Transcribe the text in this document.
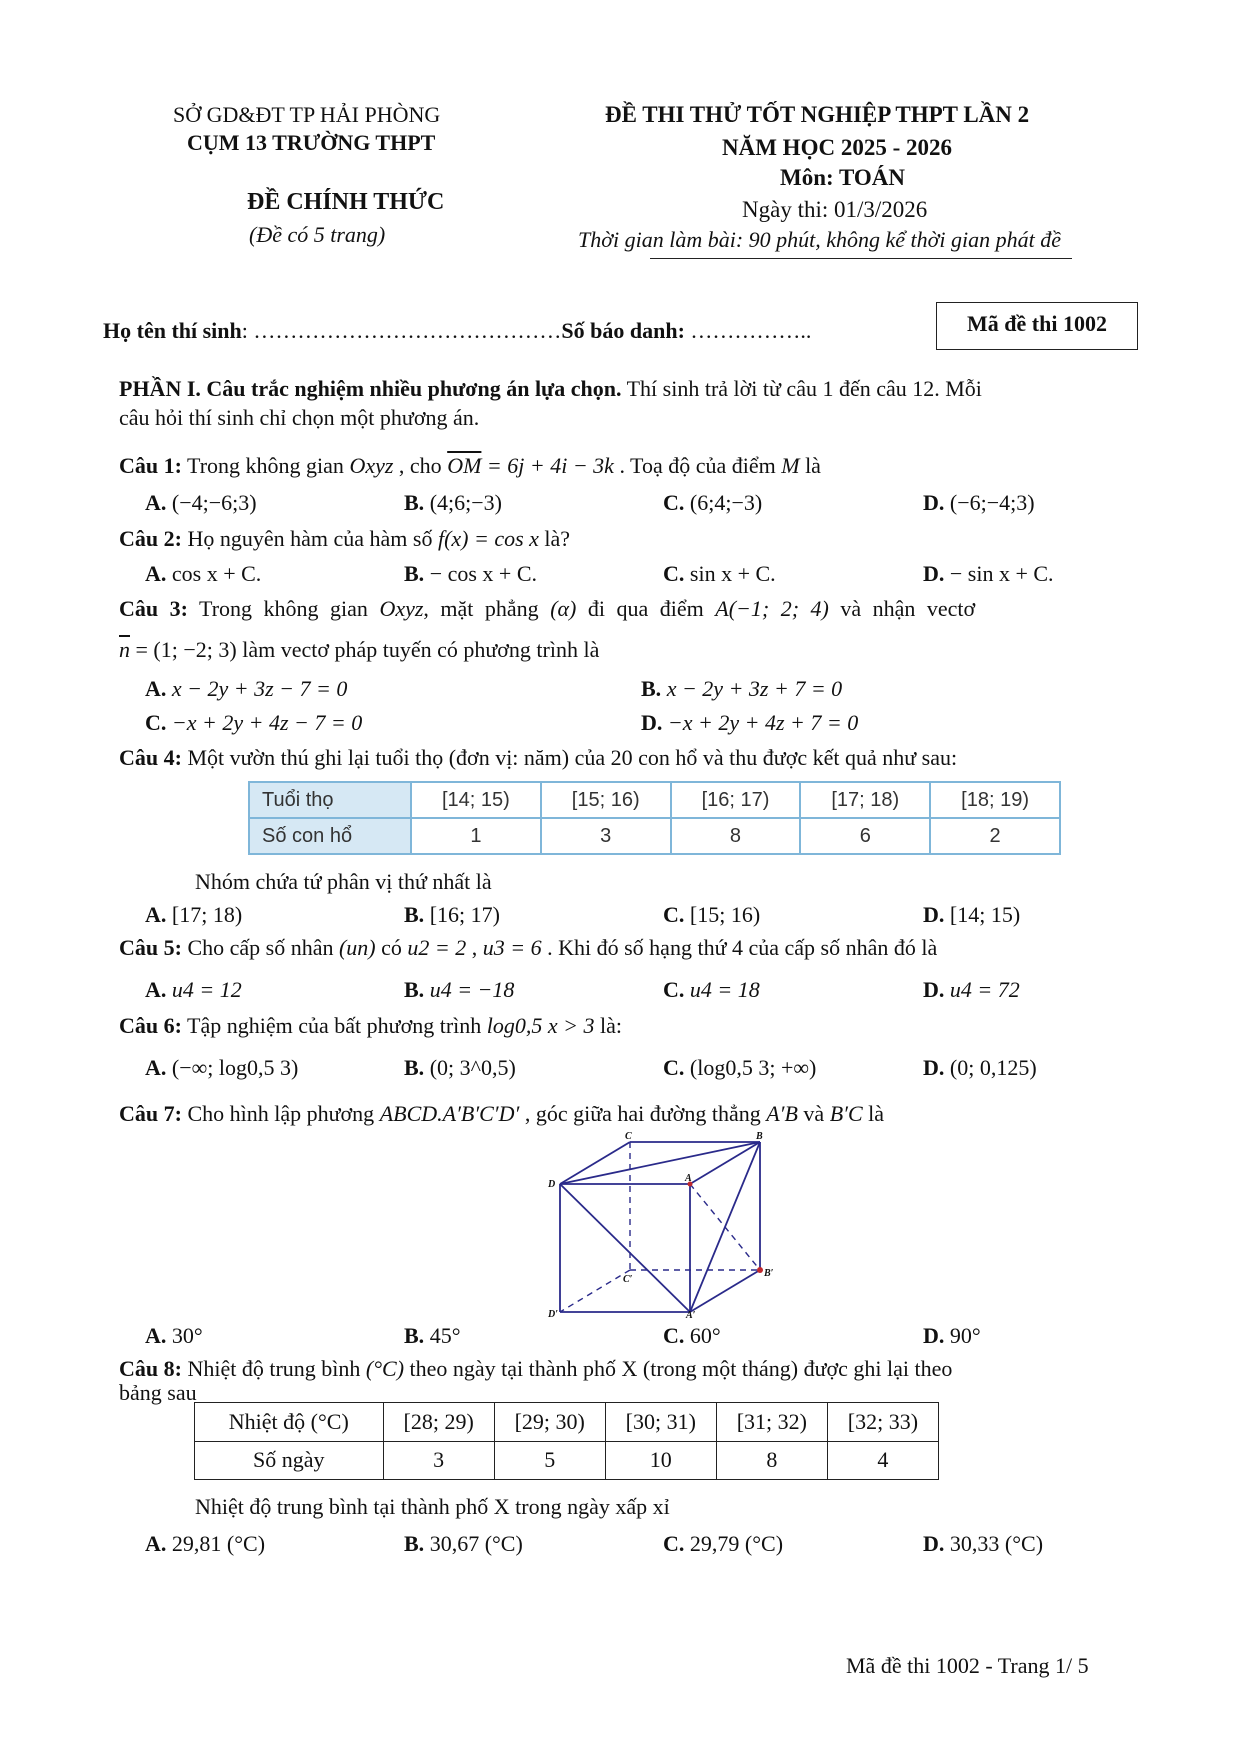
SỞ GD&ĐT TP HẢI PHÒNG
CỤM 13 TRƯỜNG THPT
ĐỀ CHÍNH THỨC
(Đề có 5 trang)
ĐỀ THI THỬ TỐT NGHIỆP THPT LẦN 2
NĂM HỌC 2025 - 2026
Môn: TOÁN
Ngày thi: 01/3/2026
Thời gian làm bài: 90 phút, không kể thời gian phát đề
Họ tên thí sinh: ……………………………………Số báo danh: ……………..	Mã đề thi 1002
PHẦN I. Câu trắc nghiệm nhiều phương án lựa chọn. Thí sinh trả lời từ câu 1 đến câu 12. Mỗi
câu hỏi thí sinh chỉ chọn một phương án.
Câu 1: Trong không gian Oxyz , cho $\overline{OM} = 6j + 4i - 3k$ . Toạ độ của điểm M là
A. (−4;−6;3)	B. (4;6;−3)	C. (6;4;−3)	D. (−6;−4;3)
Câu 2: Họ nguyên hàm của hàm số f(x) = cos x là?
A. cos x + C.	B. − cos x + C.	C. sin x + C.	D. − sin x + C.
Câu 3: Trong không gian Oxyz, mặt phẳng (α) đi qua điểm A(−1; 2; 4) và nhận vectơ
$\overline{n} = (1$; −2; 3) làm vectơ pháp tuyến có phương trình là
A. x − 2y + 3z − 7 = 0	B. x − 2y + 3z + 7 = 0
C. −x + 2y + 4z − 7 = 0	D. −x + 2y + 4z + 7 = 0
Câu 4: Một vườn thú ghi lại tuổi thọ (đơn vị: năm) của 20 con hổ và thu được kết quả như sau:
Tuổi thọ	[14; 15)	[15; 16)	[16; 17)	[17; 18)	[18; 19)
Số con hổ	1	3	8	6	2
Nhóm chứa tứ phân vị thứ nhất là
A. [17; 18)	B. [16; 17)	C. [15; 16)	D. [14; 15)
Câu 5: Cho cấp số nhân (un) có u2 = 2 , u3 = 6 . Khi đó số hạng thứ 4 của cấp số nhân đó là
A. u4 = 12	B. u4 = −18	C. u4 = 18	D. u4 = 72
Câu 6: Tập nghiệm của bất phương trình log0,5 x > 3 là:
A. (−∞; log0,5 3)	B. (0; 3^0,5)	C. (log0,5 3; +∞)	D. (0; 0,125)
Câu 7: Cho hình lập phương ABCD.A′B′C′D′ , góc giữa hai đường thẳng A′B và B′C là
C	B
D
A
C′
B′
D′	A′
A. 30°	B. 45°	C. 60°	D. 90°
Câu 8: Nhiệt độ trung bình (°C) theo ngày tại thành phố X (trong một tháng) được ghi lại theo
bảng sau
Nhiệt độ (°C)	[28; 29)	[29; 30)	[30; 31)	[31; 32)	[32; 33)
Số ngày	3	5	10	8	4
Nhiệt độ trung bình tại thành phố X trong ngày xấp xỉ
A. 29,81 (°C)	B. 30,67 (°C)	C. 29,79 (°C)	D. 30,33 (°C)
Mã đề thi 1002 - Trang 1/ 5
